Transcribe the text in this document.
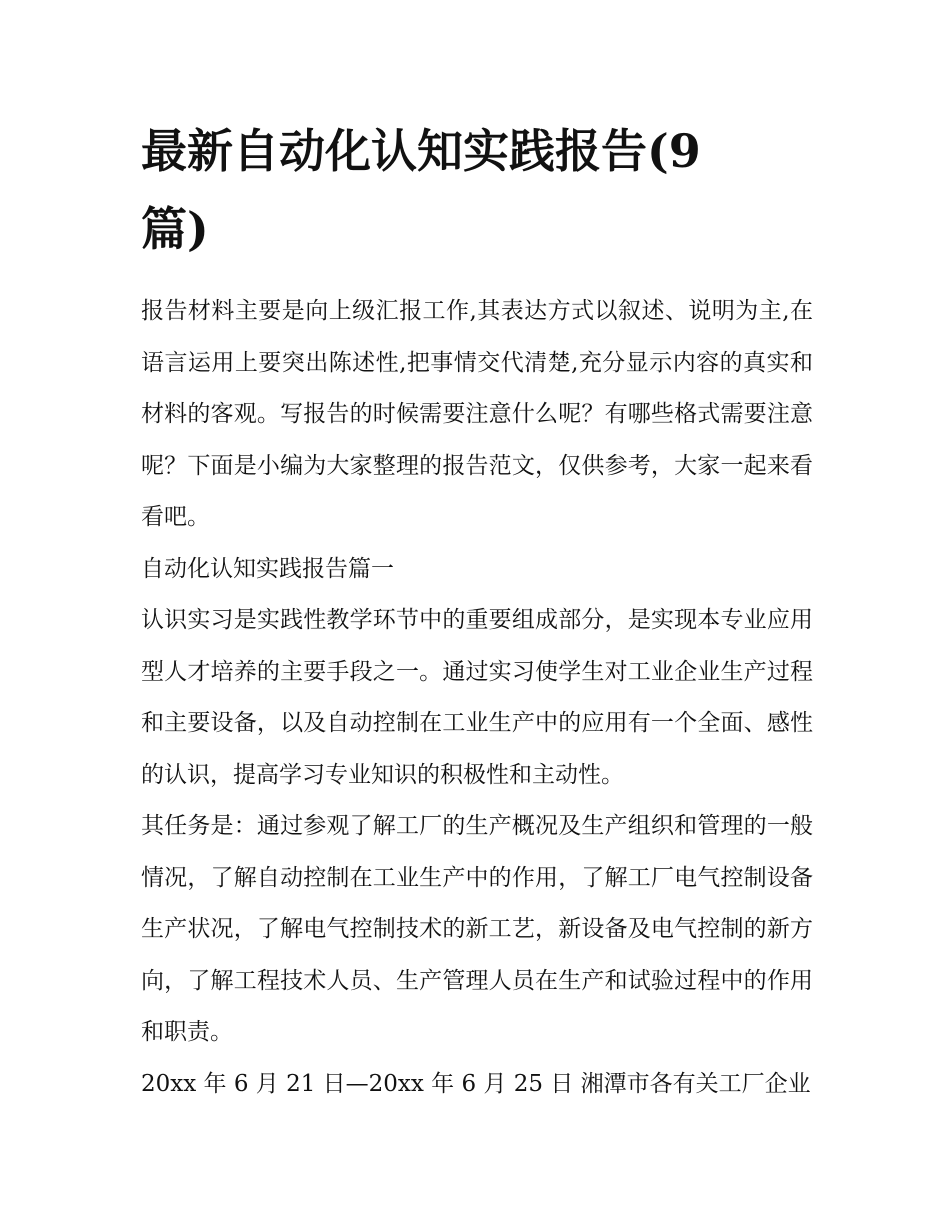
最新自动化认知实践报告(9篇)

报告材料主要是向上级汇报工作,其表达方式以叙述、说明为主,在语言运用上要突出陈述性,把事情交代清楚,充分显示内容的真实和材料的客观。写报告的时候需要注意什么呢？有哪些格式需要注意呢？下面是小编为大家整理的报告范文，仅供参考，大家一起来看看吧。

自动化认知实践报告篇一

认识实习是实践性教学环节中的重要组成部分，是实现本专业应用型人才培养的主要手段之一。通过实习使学生对工业企业生产过程和主要设备，以及自动控制在工业生产中的应用有一个全面、感性的认识，提高学习专业知识的积极性和主动性。

其任务是：通过参观了解工厂的生产概况及生产组织和管理的一般情况，了解自动控制在工业生产中的作用，了解工厂电气控制设备生产状况，了解电气控制技术的新工艺，新设备及电气控制的新方向，了解工程技术人员、生产管理人员在生产和试验过程中的作用和职责。

20xx 年 6 月 21 日—20xx 年 6 月 25 日 湘潭市各有关工厂企业
